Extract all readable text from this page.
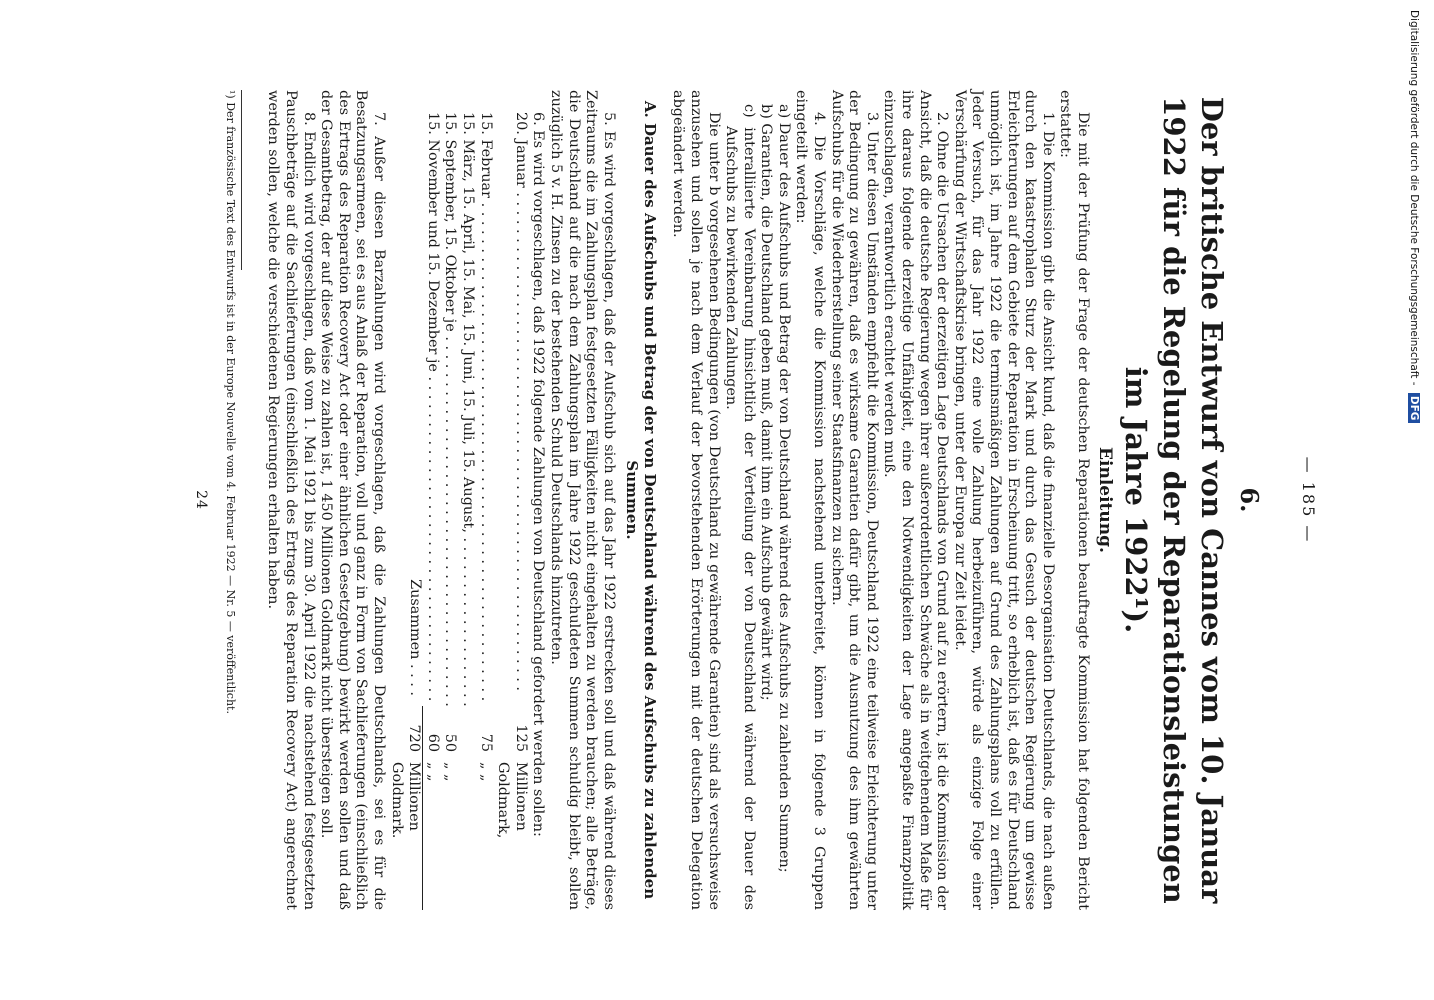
— 185 —
6.
Der britische Entwurf von Cannes vom 10. Januar 1922 für die Regelung der Reparationsleistungen im Jahre 1922¹).
Einleitung.

Die mit der Prüfung der Frage der deutschen Reparationen beauftragte Kommission hat folgenden Bericht erstattet:

1. Die Kommission gibt die Ansicht kund, daß die finanzielle Desorganisation Deutschlands, die nach außen durch den katastrophalen Sturz der Mark und durch das Gesuch der deutschen Regierung um gewisse Erleichterungen auf dem Gebiete der Reparation in Erscheinung tritt, so erheblich ist, daß es für Deutschland unmöglich ist, im Jahre 1922 die terminsmäßigen Zahlungen auf Grund des Zahlungsplans voll zu erfüllen. Jeder Versuch, für das Jahr 1922 eine volle Zahlung herbeizuführen, würde als einzige Folge einer Verschärfung der Wirtschaftskrise bringen, unter der Europa zur Zeit leidet.

2. Ohne die Ursachen der derzeitigen Lage Deutschlands von Grund auf zu erörtern, ist die Kommission der Ansicht, daß die deutsche Regierung wegen ihrer außerordentlichen Schwäche als in weitgehendem Maße für ihre daraus folgende derzeitige Unfähigkeit, eine den Notwendigkeiten der Lage angepaßte Finanzpolitik einzuschlagen, verantwortlich erachtet werden muß.

3. Unter diesen Umständen empfiehlt die Kommission, Deutschland 1922 eine teilweise Erleichterung unter der Bedingung zu gewähren, daß es wirksame Garantien dafür gibt, um die Ausnutzung des ihm gewährten Aufschubs für die Wiederherstellung seiner Staatsfinanzen zu sichern.

4. Die Vorschläge, welche die Kommission nachstehend unterbreitet, können in folgende 3 Gruppen eingeteilt werden:

a) Dauer des Aufschubs und Betrag der von Deutschland während des Aufschubs zu zahlenden Summen;

b) Garantien, die Deutschland geben muß, damit ihm ein Aufschub gewährt wird;

c) interalliierte Vereinbarung hinsichtlich der Verteilung der von Deutschland während der Dauer des Aufschubs zu bewirkenden Zahlungen.

Die unter b vorgesehenen Bedingungen (von Deutschland zu gewährende Garantien) sind als versuchsweise anzusehen und sollen je nach dem Verlauf der bevorstehenden Erörterungen mit der deutschen Delegation abgeändert werden.

A. Dauer des Aufschubs und Betrag der von Deutschland während des Aufschubs zu zahlenden Summen.

5. Es wird vorgeschlagen, daß der Aufschub sich auf das Jahr 1922 erstrecken soll und daß während dieses Zeitraums die im Zahlungsplan festgesetzten Fälligkeiten nicht eingehalten zu werden brauchen; alle Beträge, die Deutschland auf die nach dem Zahlungsplan im Jahre 1922 geschuldeten Summen schuldig bleibt, sollen zuzüglich 5 v. H. Zinsen zu der bestehenden Schuld Deutschlands hinzutreten.

6. Es wird vorgeschlagen, daß 1922 folgende Zahlungen von Deutschland gefordert werden sollen:

20. Januar . . .
125
Millionen Goldmark,
15. Februar . . .
75
„ „
15. März, 15. April, 15. Mai, 15. Juni, 15. Juli, 15. August, . . .
15. September, 15. Oktober je . . .
50
„ „
15. November und 15. Dezember je . . .
60
„ „
Zusammen . . . .
720
Millionen Goldmark.

7. Außer diesen Barzahlungen wird vorgeschlagen, daß die Zahlungen Deutschlands, sei es für die Besatzungsarmeen, sei es aus Anlaß der Reparation, voll und ganz in Form von Sachlieferungen (einschließlich des Ertrags des Reparation Recovery Act oder einer ähnlichen Gesetzgebung) bewirkt werden sollen und daß der Gesamtbetrag, der auf diese Weise zu zahlen ist, 1 450 Millionen Goldmark nicht übersteigen soll.

8. Endlich wird vorgeschlagen, daß vom 1. Mai 1921 bis zum 30. April 1922 die nachstehend festgesetzten Pauschbeträge auf die Sachlieferungen (einschließlich des Ertrags des Reparation Recovery Act) angerechnet werden sollen, welche die verschiedenen Regierungen erhalten haben.

¹) Der französische Text des Entwurfs ist in der Europe Nouvelle vom 4. Februar 1922 — Nr. 5 — veröffentlicht.
24
Digitalisierung gefördert durch die Deutsche Forschungsgemeinschaft - DFG
